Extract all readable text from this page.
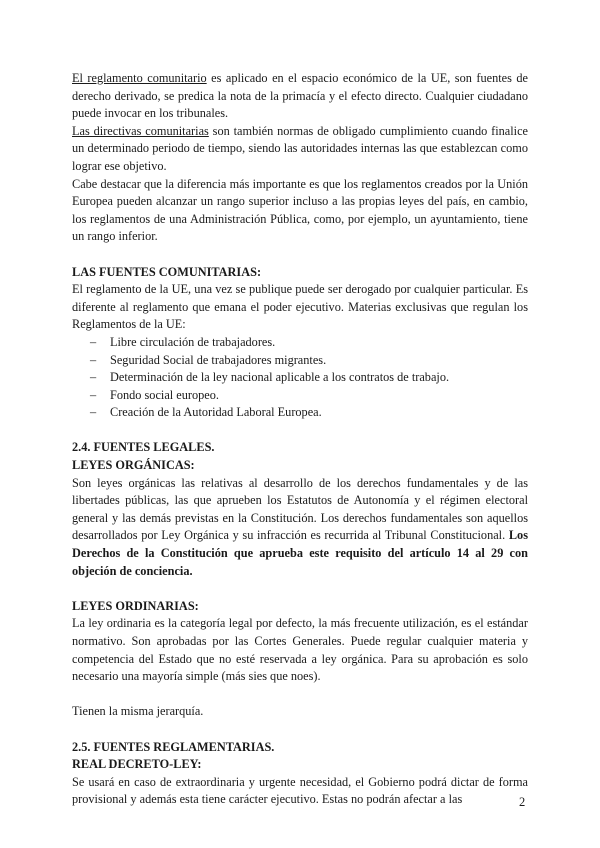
El reglamento comunitario es aplicado en el espacio económico de la UE, son fuentes de derecho derivado, se predica la nota de la primacía y el efecto directo. Cualquier ciudadano puede invocar en los tribunales.

Las directivas comunitarias son también normas de obligado cumplimiento cuando finalice un determinado periodo de tiempo, siendo las autoridades internas las que establezcan como lograr ese objetivo.

Cabe destacar que la diferencia más importante es que los reglamentos creados por la Unión Europea pueden alcanzar un rango superior incluso a las propias leyes del país, en cambio, los reglamentos de una Administración Pública, como, por ejemplo, un ayuntamiento, tiene un rango inferior.

LAS FUENTES COMUNITARIAS:

El reglamento de la UE, una vez se publique puede ser derogado por cualquier particular. Es diferente al reglamento que emana el poder ejecutivo. Materias exclusivas que regulan los Reglamentos de la UE:

– Libre circulación de trabajadores.
– Seguridad Social de trabajadores migrantes.
– Determinación de la ley nacional aplicable a los contratos de trabajo.
– Fondo social europeo.
– Creación de la Autoridad Laboral Europea.

2.4. FUENTES LEGALES.

LEYES ORGÁNICAS:

Son leyes orgánicas las relativas al desarrollo de los derechos fundamentales y de las libertades públicas, las que aprueben los Estatutos de Autonomía y el régimen electoral general y las demás previstas en la Constitución. Los derechos fundamentales son aquellos desarrollados por Ley Orgánica y su infracción es recurrida al Tribunal Constitucional. Los Derechos de la Constitución que aprueba este requisito del artículo 14 al 29 con objeción de conciencia.

LEYES ORDINARIAS:

La ley ordinaria es la categoría legal por defecto, la más frecuente utilización, es el estándar normativo. Son aprobadas por las Cortes Generales. Puede regular cualquier materia y competencia del Estado que no esté reservada a ley orgánica. Para su aprobación es solo necesario una mayoría simple (más sies que noes).

Tienen la misma jerarquía.

2.5. FUENTES REGLAMENTARIAS.

REAL DECRETO-LEY:

Se usará en caso de extraordinaria y urgente necesidad, el Gobierno podrá dictar de forma provisional y además esta tiene carácter ejecutivo. Estas no podrán afectar a las	2
